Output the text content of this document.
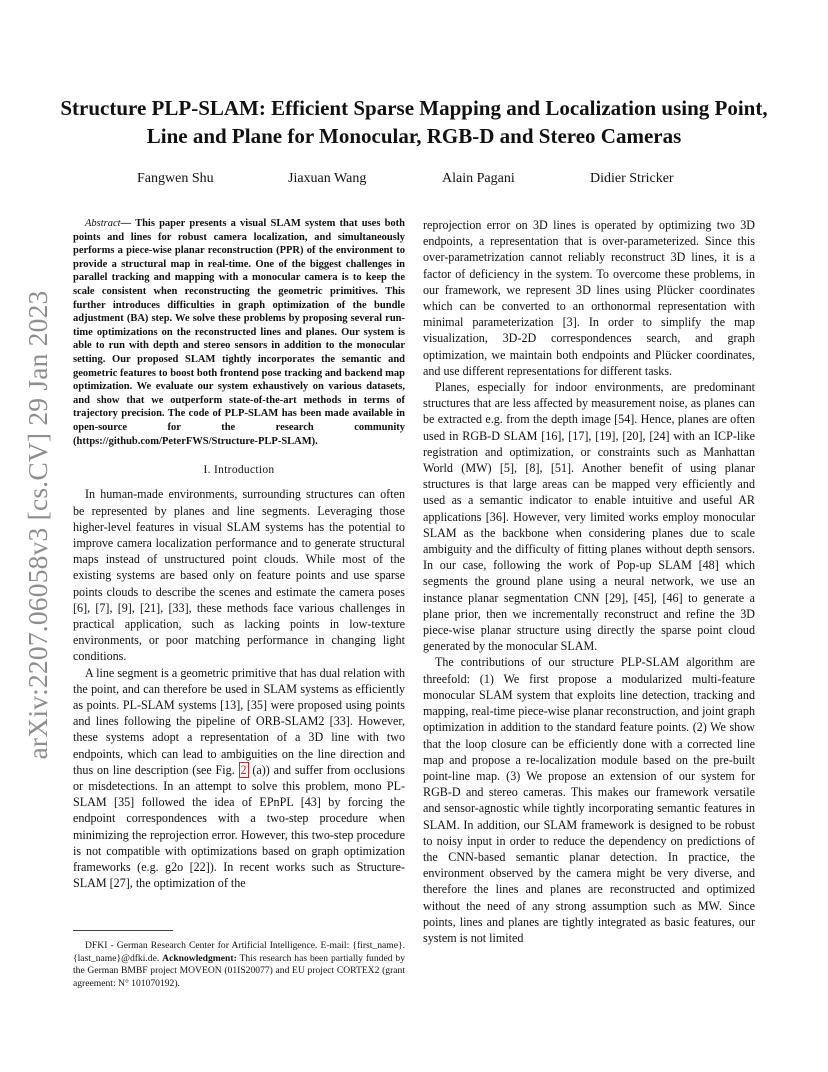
arXiv:2207.06058v3 [cs.CV] 29 Jan 2023
Structure PLP-SLAM: Efficient Sparse Mapping and Localization using Point, Line and Plane for Monocular, RGB-D and Stereo Cameras
Fangwen Shu	Jiaxuan Wang	Alain Pagani	Didier Stricker

Abstract— This paper presents a visual SLAM system that uses both points and lines for robust camera localization, and simultaneously performs a piece-wise planar reconstruction (PPR) of the environment to provide a structural map in real-time. One of the biggest challenges in parallel tracking and mapping with a monocular camera is to keep the scale consistent when reconstructing the geometric primitives. This further introduces difficulties in graph optimization of the bundle adjustment (BA) step. We solve these problems by proposing several run-time optimizations on the reconstructed lines and planes. Our system is able to run with depth and stereo sensors in addition to the monocular setting. Our proposed SLAM tightly incorporates the semantic and geometric features to boost both frontend pose tracking and backend map optimization. We evaluate our system exhaustively on various datasets, and show that we outperform state-of-the-art methods in terms of trajectory precision. The code of PLP-SLAM has been made available in open-source for the research community (https://github.com/PeterFWS/Structure-PLP-SLAM).

I. Introduction

In human-made environments, surrounding structures can often be represented by planes and line segments. Leveraging those higher-level features in visual SLAM systems has the potential to improve camera localization performance and to generate structural maps instead of unstructured point clouds. While most of the existing systems are based only on feature points and use sparse points clouds to describe the scenes and estimate the camera poses [6], [7], [9], [21], [33], these methods face various challenges in practical application, such as lacking points in low-texture environments, or poor matching performance in changing light conditions.

A line segment is a geometric primitive that has dual relation with the point, and can therefore be used in SLAM systems as efficiently as points. PL-SLAM systems [13], [35] were proposed using points and lines following the pipeline of ORB-SLAM2 [33]. However, these systems adopt a representation of a 3D line with two endpoints, which can lead to ambiguities on the line direction and thus on line description (see Fig. 2 (a)) and suffer from occlusions or misdetections. In an attempt to solve this problem, mono PL-SLAM [35] followed the idea of EPnPL [43] by forcing the endpoint correspondences with a two-step procedure when minimizing the reprojection error. However, this two-step procedure is not compatible with optimizations based on graph optimization frameworks (e.g. g2o [22]). In recent works such as Structure-SLAM [27], the optimization of the

reprojection error on 3D lines is operated by optimizing two 3D endpoints, a representation that is over-parameterized. Since this over-parametrization cannot reliably reconstruct 3D lines, it is a factor of deficiency in the system. To overcome these problems, in our framework, we represent 3D lines using Plücker coordinates which can be converted to an orthonormal representation with minimal parameterization [3]. In order to simplify the map visualization, 3D-2D correspondences search, and graph optimization, we maintain both endpoints and Plücker coordinates, and use different representations for different tasks.

Planes, especially for indoor environments, are predominant structures that are less affected by measurement noise, as planes can be extracted e.g. from the depth image [54]. Hence, planes are often used in RGB-D SLAM [16], [17], [19], [20], [24] with an ICP-like registration and optimization, or constraints such as Manhattan World (MW) [5], [8], [51]. Another benefit of using planar structures is that large areas can be mapped very efficiently and used as a semantic indicator to enable intuitive and useful AR applications [36]. However, very limited works employ monocular SLAM as the backbone when considering planes due to scale ambiguity and the difficulty of fitting planes without depth sensors. In our case, following the work of Pop-up SLAM [48] which segments the ground plane using a neural network, we use an instance planar segmentation CNN [29], [45], [46] to generate a plane prior, then we incrementally reconstruct and refine the 3D piece-wise planar structure using directly the sparse point cloud generated by the monocular SLAM.

The contributions of our structure PLP-SLAM algorithm are threefold: (1) We first propose a modularized multi-feature monocular SLAM system that exploits line detection, tracking and mapping, real-time piece-wise planar reconstruction, and joint graph optimization in addition to the standard feature points. (2) We show that the loop closure can be efficiently done with a corrected line map and propose a re-localization module based on the pre-built point-line map. (3) We propose an extension of our system for RGB-D and stereo cameras. This makes our framework versatile and sensor-agnostic while tightly incorporating semantic features in SLAM. In addition, our SLAM framework is designed to be robust to noisy input in order to reduce the dependency on predictions of the CNN-based semantic planar detection. In practice, the environment observed by the camera might be very diverse, and therefore the lines and planes are reconstructed and optimized without the need of any strong assumption such as MW. Since points, lines and planes are tightly integrated as basic features, our system is not limited

DFKI - German Research Center for Artificial Intelligence. E-mail: {first_name}.{last_name}@dfki.de. Acknowledgment: This research has been partially funded by the German BMBF project MOVEON (01IS20077) and EU project CORTEX2 (grant agreement: N° 101070192).
